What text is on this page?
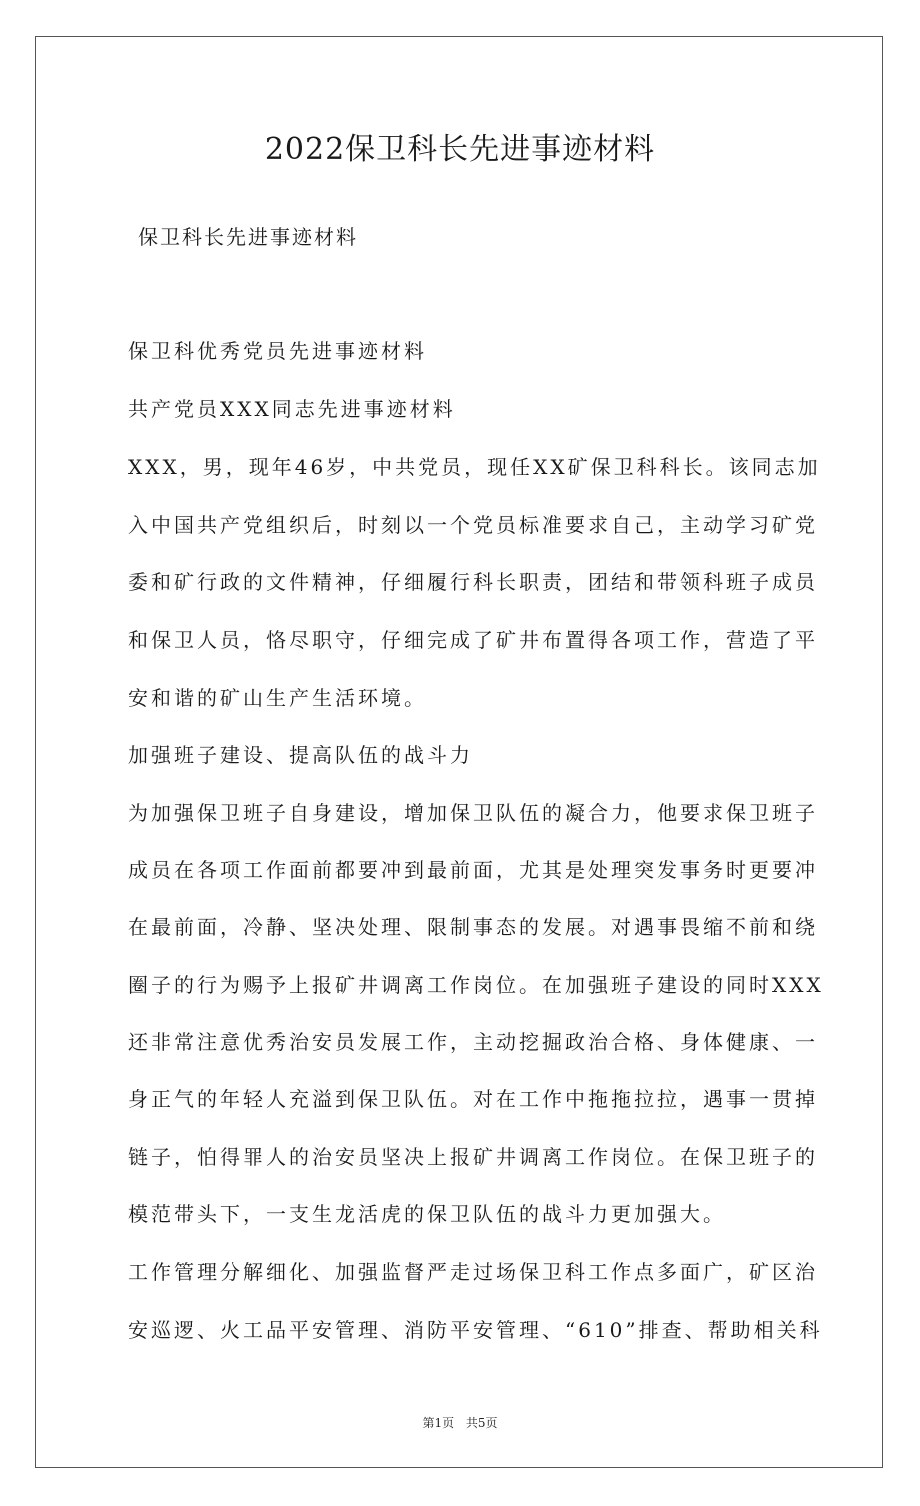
2022保卫科长先进事迹材料
保卫科长先进事迹材料
保卫科优秀党员先进事迹材料
共产党员XXX同志先进事迹材料
XXX，男，现年46岁，中共党员，现任XX矿保卫科科长。该同志加
入中国共产党组织后，时刻以一个党员标准要求自己，主动学习矿党
委和矿行政的文件精神，仔细履行科长职责，团结和带领科班子成员
和保卫人员，恪尽职守，仔细完成了矿井布置得各项工作，营造了平
安和谐的矿山生产生活环境。
加强班子建设、提高队伍的战斗力
为加强保卫班子自身建设，增加保卫队伍的凝合力，他要求保卫班子
成员在各项工作面前都要冲到最前面，尤其是处理突发事务时更要冲
在最前面，冷静、坚决处理、限制事态的发展。对遇事畏缩不前和绕
圈子的行为赐予上报矿井调离工作岗位。在加强班子建设的同时XXX
还非常注意优秀治安员发展工作，主动挖掘政治合格、身体健康、一
身正气的年轻人充溢到保卫队伍。对在工作中拖拖拉拉，遇事一贯掉
链子，怕得罪人的治安员坚决上报矿井调离工作岗位。在保卫班子的
模范带头下，一支生龙活虎的保卫队伍的战斗力更加强大。
工作管理分解细化、加强监督严走过场保卫科工作点多面广，矿区治
安巡逻、火工品平安管理、消防平安管理、“610”排查、帮助相关科
第1页 共5页
